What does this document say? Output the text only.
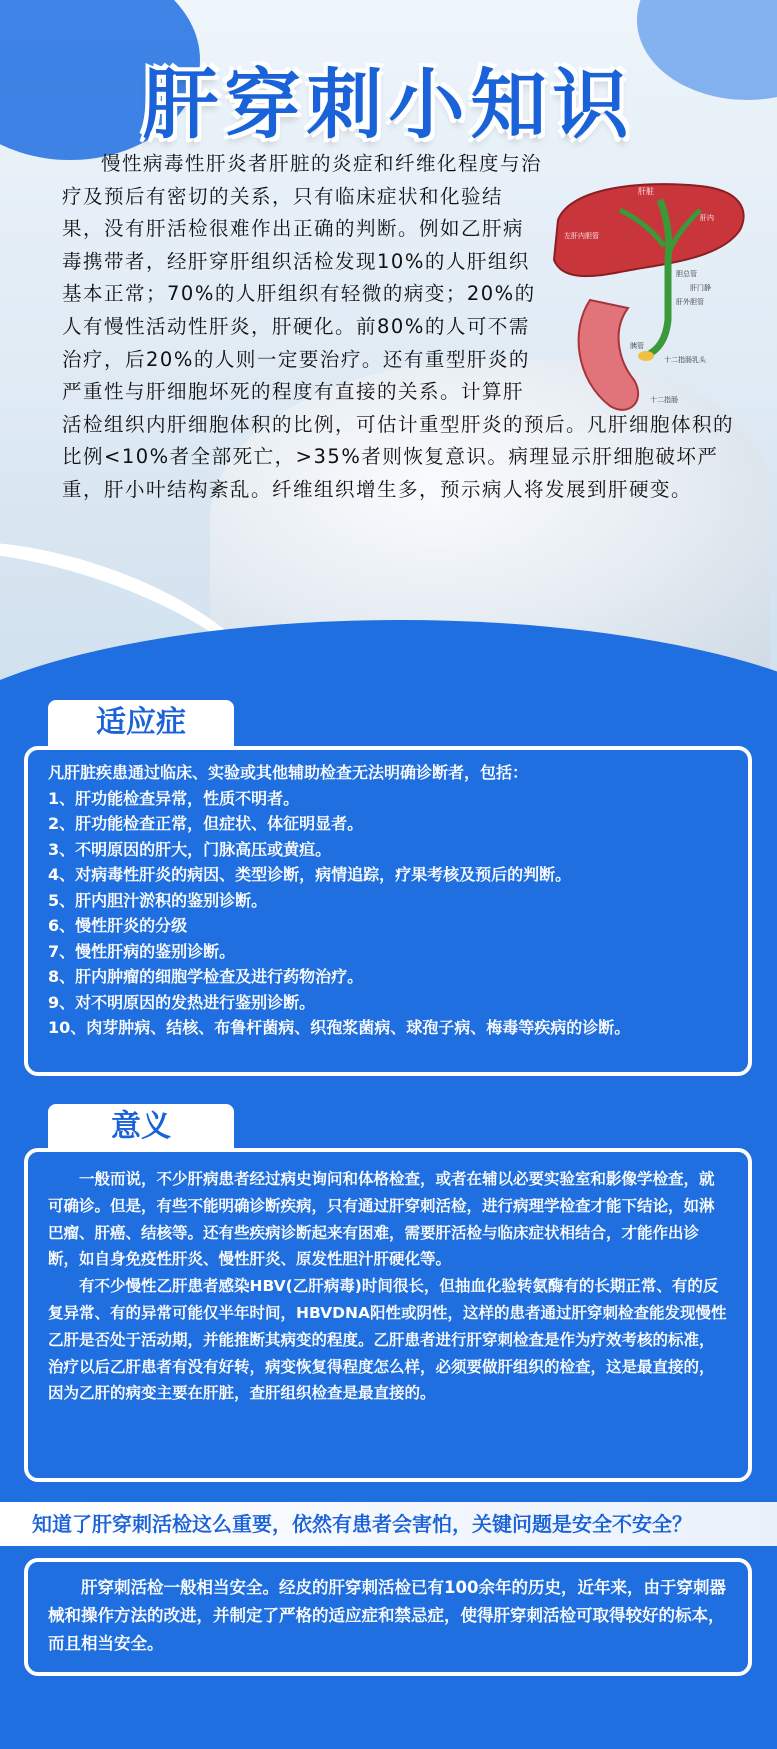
肝穿刺小知识
肝脏
左肝内胆管
肝内
胆总管
肝门静
肝外胆管
十二指肠乳头
十二指肠
胰管
慢性病毒性肝炎者肝脏的炎症和纤维化程度与治疗及预后有密切的关系，只有临床症状和化验结果，没有肝活检很难作出正确的判断。例如乙肝病毒携带者，经肝穿肝组织活检发现10%的人肝组织基本正常；70%的人肝组织有轻微的病变；20%的人有慢性活动性肝炎，肝硬化。前80%的人可不需治疗，后20%的人则一定要治疗。还有重型肝炎的严重性与肝细胞坏死的程度有直接的关系。计算肝活检组织内肝细胞体积的比例，可估计重型肝炎的预后。凡肝细胞体积的比例<10%者全部死亡，>35%者则恢复意识。病理显示肝细胞破坏严重，肝小叶结构紊乱。纤维组织增生多，预示病人将发展到肝硬变。
适应症

凡肝脏疾患通过临床、实验或其他辅助检查无法明确诊断者，包括：

1、肝功能检查异常，性质不明者。

2、肝功能检查正常，但症状、体征明显者。

3、不明原因的肝大，门脉高压或黄疸。

4、对病毒性肝炎的病因、类型诊断，病情追踪，疗果考核及预后的判断。

5、肝内胆汁淤积的鉴别诊断。

6、慢性肝炎的分级

7、慢性肝病的鉴别诊断。

8、肝内肿瘤的细胞学检查及进行药物治疗。

9、对不明原因的发热进行鉴别诊断。

10、肉芽肿病、结核、布鲁杆菌病、织孢浆菌病、球孢子病、梅毒等疾病的诊断。

意义

一般而说，不少肝病患者经过病史询问和体格检查，或者在辅以必要实验室和影像学检查，就可确诊。但是，有些不能明确诊断疾病，只有通过肝穿刺活检，进行病理学检查才能下结论，如淋巴瘤、肝癌、结核等。还有些疾病诊断起来有困难，需要肝活检与临床症状相结合，才能作出诊断，如自身免疫性肝炎、慢性肝炎、原发性胆汁肝硬化等。

有不少慢性乙肝患者感染HBV(乙肝病毒)时间很长，但抽血化验转氨酶有的长期正常、有的反复异常、有的异常可能仅半年时间，HBVDNA阳性或阴性，这样的患者通过肝穿刺检查能发现慢性乙肝是否处于活动期，并能推断其病变的程度。乙肝患者进行肝穿刺检查是作为疗效考核的标准，治疗以后乙肝患者有没有好转，病变恢复得程度怎么样，必须要做肝组织的检查，这是最直接的，因为乙肝的病变主要在肝脏，查肝组织检查是最直接的。

知道了肝穿刺活检这么重要，依然有患者会害怕，关键问题是安全不安全？

肝穿刺活检一般相当安全。经皮的肝穿刺活检已有100余年的历史，近年来，由于穿刺器械和操作方法的改进，并制定了严格的适应症和禁忌症，使得肝穿刺活检可取得较好的标本，而且相当安全。
